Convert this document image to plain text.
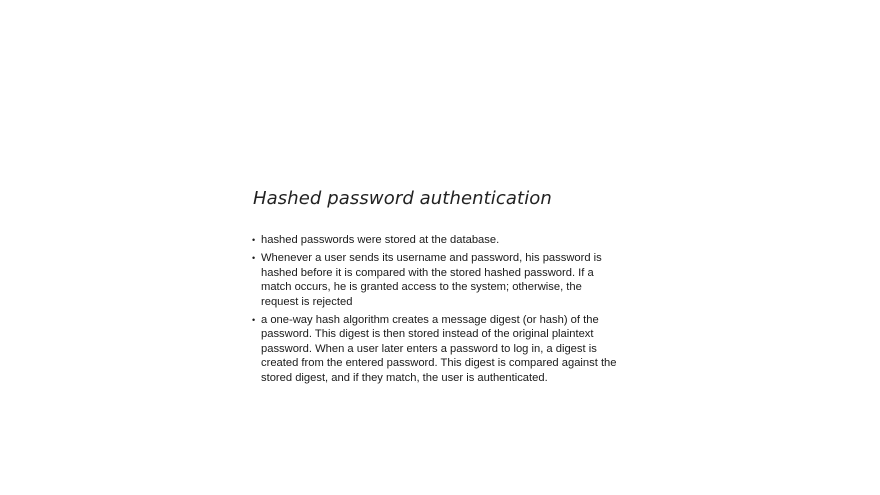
Hashed password authentication
• hashed passwords were stored at the database.
• Whenever a user sends its username and password, his password is hashed before it is compared with the stored hashed password. If a match occurs, he is granted access to the system; otherwise, the request is rejected
• a one-way hash algorithm creates a message digest (or hash) of the password. This digest is then stored instead of the original plaintext password. When a user later enters a password to log in, a digest is created from the entered password. This digest is compared against the stored digest, and if they match, the user is authenticated.
